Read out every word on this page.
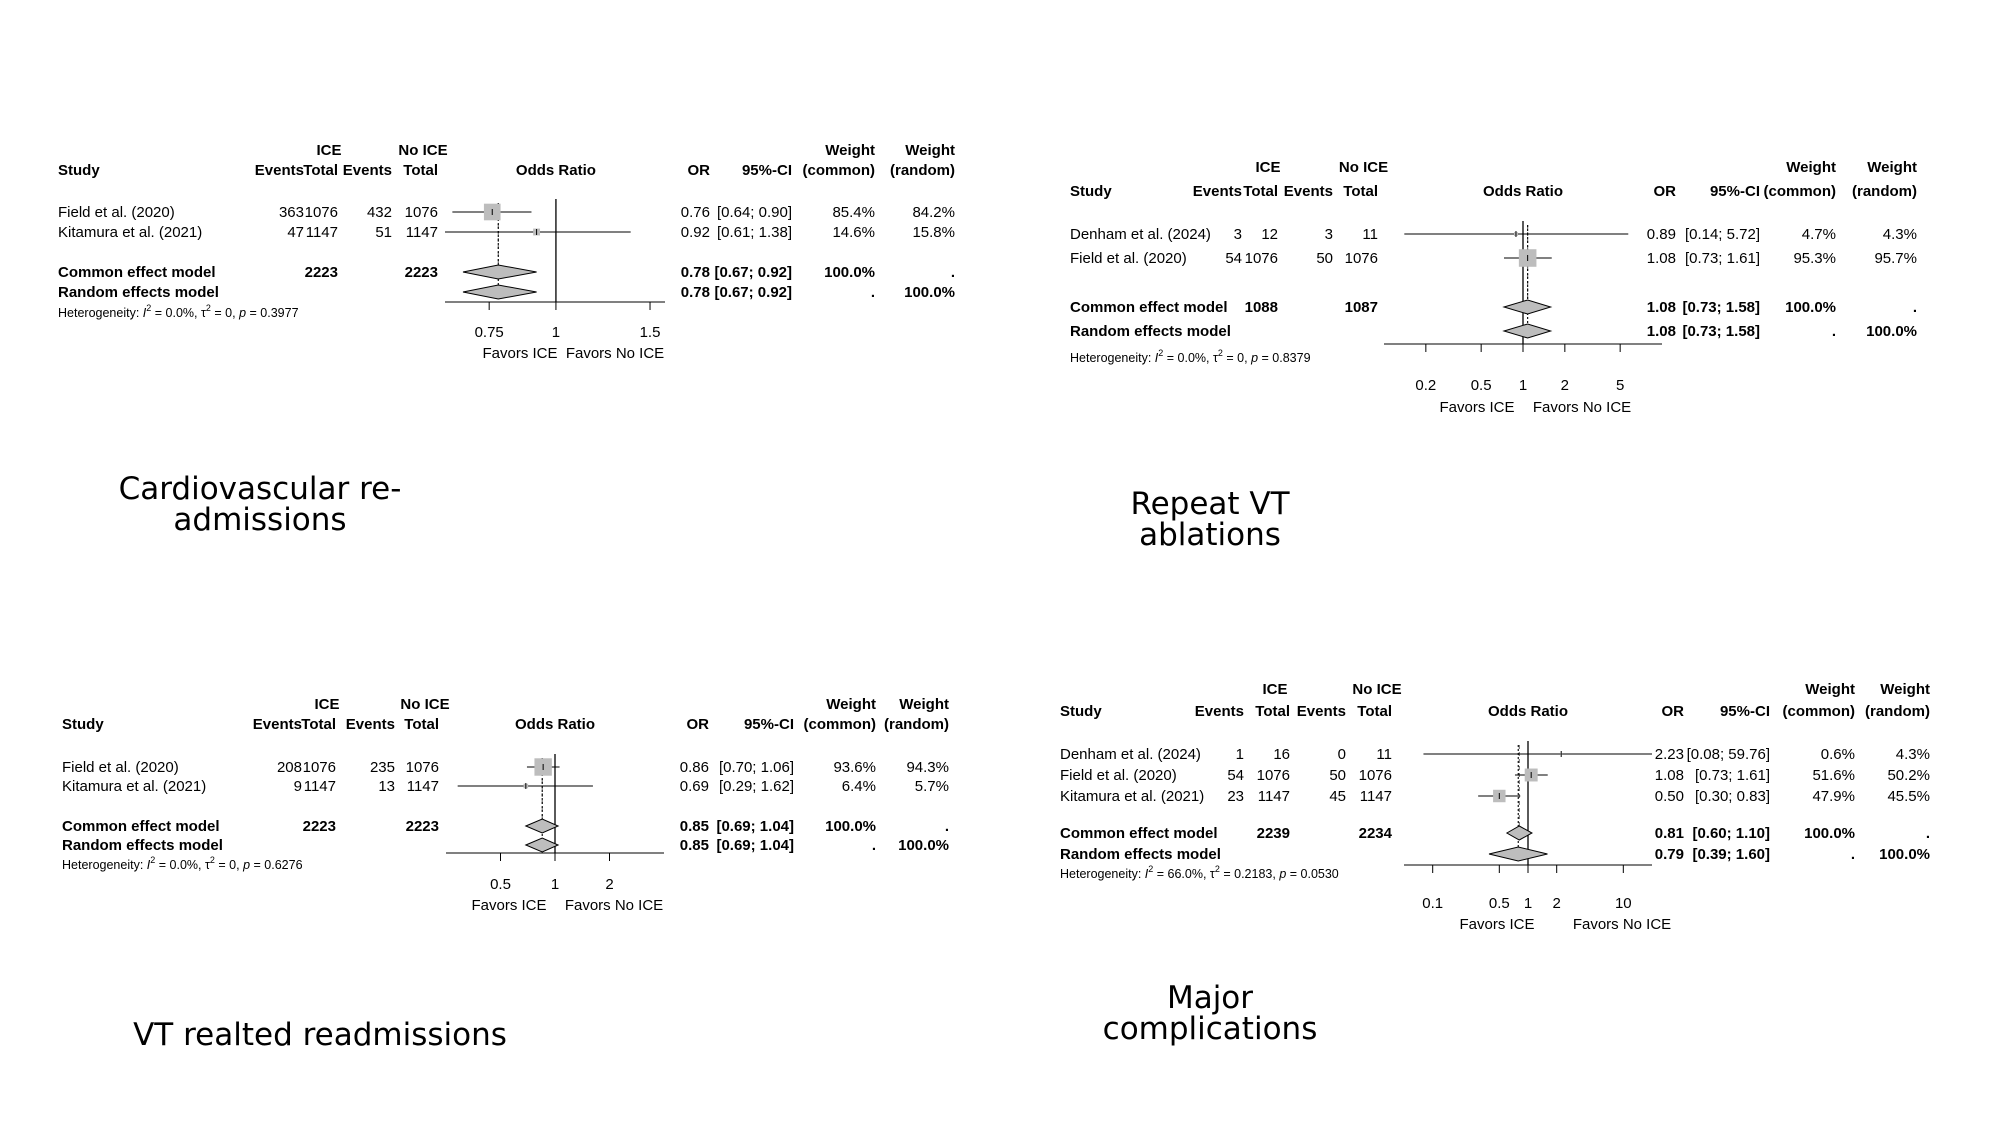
ICE	No ICE	Weight Weight
Study	Events Total Events Total	Odds Ratio	OR 95%-CI (common) (random)
Field et al. (2020)	363 1076 432 1076	0.76 [0.64; 0.90]	85.4% 84.2%
Kitamura et al. (2021)	47 1147 51 1147	0.92 [0.61; 1.38]	14.6% 15.8%
Common effect model	2223	2223	0.78 [0.67; 0.92] 100.0%	.
Random effects model	0.78 [0.67; 0.92]	. 100.0%
Heterogeneity: $I^2 = 0.0\%$, $\tau^2 = 0$, p = 0.3977
0.75	1	1.5
Favors ICE Favors No ICE
Cardiovascular re-
admissions
ICE	No ICE	Weight Weight
Study	Events Total Events Total	Odds Ratio	OR 95%-CI (common) (random)
Denham et al. (2024) 3 12	3 11	0.89 [0.14; 5.72]	4.7%	4.3%
Field et al. (2020)	54 1076	50 1076	1.08 [0.73; 1.61] 95.3%	95.7%
Common effect model 1088	1087	1.08 [0.73; 1.58] 100.0%	.
Random effects model	1.08 [0.73; 1.58]	. 100.0%
Heterogeneity: $I^2 = 0.0\%$, $\tau^2 = 0$, p = 0.8379
0.2 0.5 1 2	5
Favors ICE Favors No ICE
Repeat VT
ablations
ICE	No ICE	Weight Weight
Study	Events Total Events Total	Odds Ratio	OR 95%-CI (common) (random)
Field et al. (2020)	208 1076 235 1076	0.86 [0.70; 1.06]	93.6% 94.3%
Kitamura et al. (2021)	9 1147	13 1147	0.69 [0.29; 1.62]	6.4%	5.7%
Common effect model	2223	2223	0.85 [0.69; 1.04] 100.0%	.
Random effects model	0.85 [0.69; 1.04]	. 100.0%
Heterogeneity: $I^2 = 0.0\%$, $\tau^2 = 0$, p = 0.6276
0.5	1	2
Favors ICE Favors No ICE
VT realted readmissions
ICE	No ICE	Weight Weight
Study	Events Total Events Total	Odds Ratio	OR 95%-CI (common) (random)
Denham et al. (2024) 1 16	0 11	2.23 [0.08; 59.76]	0.6%	4.3%
Field et al. (2020)	54 1076	50 1076	1.08 [0.73; 1.61]	51.6% 50.2%
Kitamura et al. (2021) 23 1147	45 1147	0.50 [0.30; 0.83]	47.9% 45.5%
Common effect model	2239	2234	0.81 [0.60; 1.10] 100.0%	.
Random effects model	0.79 [0.39; 1.60]	. 100.0%
Heterogeneity: $I^2 = 66.0\%$, $\tau^2 = 0.2183$, p = 0.0530
0.1	0.5 1 2	10
Favors ICE	Favors No ICE
Major
complications
